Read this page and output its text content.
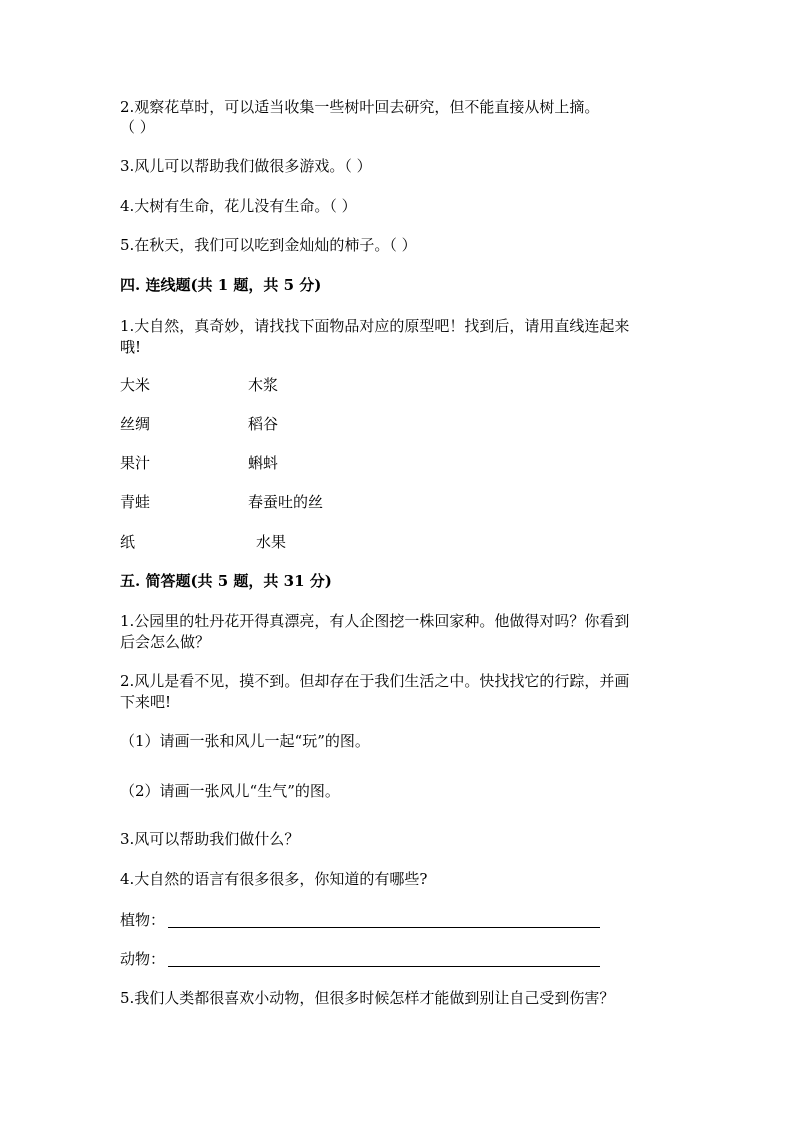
2.观察花草时，可以适当收集一些树叶回去研究，但不能直接从树上摘。
（ ）
3.风儿可以帮助我们做很多游戏。（ ）
4.大树有生命，花儿没有生命。（ ）
5.在秋天，我们可以吃到金灿灿的柿子。（ ）
四. 连线题(共 1 题，共 5 分)
1.大自然，真奇妙，请找找下面物品对应的原型吧！找到后，请用直线连起来
哦!
大米	木浆
丝绸	稻谷
果汁	蝌蚪
青蛙	春蚕吐的丝
纸	水果
五. 简答题(共 5 题，共 31 分)
1.公园里的牡丹花开得真漂亮，有人企图挖一株回家种。他做得对吗？你看到
后会怎么做？
2.风儿是看不见，摸不到。但却存在于我们生活之中。快找找它的行踪，并画
下来吧!
（1）请画一张和风儿一起“玩”的图。
（2）请画一张风儿“生气”的图。
3.风可以帮助我们做什么？
4.大自然的语言有很多很多，你知道的有哪些?
植物：
动物：
5.我们人类都很喜欢小动物，但很多时候怎样才能做到别让自己受到伤害？
